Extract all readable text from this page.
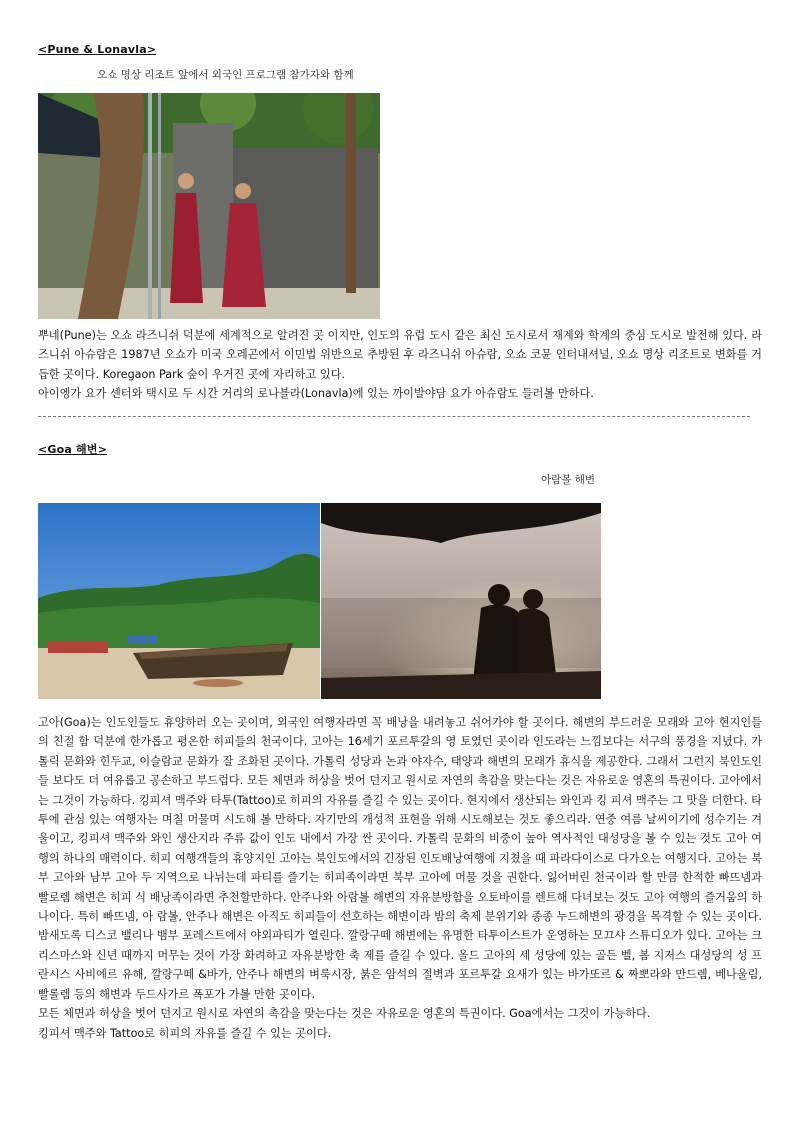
<Pune & Lonavla>
오쇼 명상 리조트 앞에서 외국인 프로그램 참가자와 함께

뿌네(Pune)는 오쇼 라즈니쉬 덕분에 세계적으로 알려진 곳 이지만, 인도의 유럽 도시 같은 최신 도시로서 재계와 학계의 중심 도시로 발전해 있다. 라즈니쉬 아슈람은 1987년 오쇼가 미국 오레곤에서 이민법 위반으로 추방된 후 라즈니쉬 아슈람, 오쇼 코뮨 인터내셔널, 오쇼 명상 리조트로 변화를 거듭한 곳이다. Koregaon Park 숲이 우거진 곳에 자리하고 있다.

아이엥가 요가 센터와 택시로 두 시간 거리의 로나블라(Lonavla)에 있는 까이발야담 요가 아슈람도 들러볼 만하다.

<Goa 해변>
아람볼 해변

고아(Goa)는 인도인들도 휴양하러 오는 곳이며, 외국인 여행자라면 꼭 배낭을 내려놓고 쉬어가야 할 곳이다. 해변의 부드러운 모래와 고아 현지인들의 친절 함 덕분에 한가롭고 평온한 히피들의 천국이다. 고아는 16세기 포르투갈의 영 토였던 곳이라 인도라는 느낌보다는 서구의 풍경을 지녔다. 가톨릭 문화와 힌두교, 이슬람교 문화가 잘 조화된 곳이다. 가톨릭 성당과 논과 야자수, 태양과 해변의 모래가 휴식을 제공한다. 그래서 그런지 북인도인들 보다도 더 여유롭고 공손하고 부드럽다. 모든 체면과 허상을 벗어 던지고 원시로 자연의 촉감을 맞는다는 것은 자유로운 영혼의 특권이다. 고아에서는 그것이 가능하다. 킹피셔 맥주와 타투(Tattoo)로 히피의 자유를 즐길 수 있는 곳이다. 현지에서 생산되는 와인과 킹 피셔 맥주는 그 맛을 더한다. 타투에 관심 있는 여행자는 며칠 머물며 시도해 볼 만하다. 자기만의 개성적 표현을 위해 시도해보는 것도 좋으리라. 연중 여름 날씨이기에 성수기는 겨울이고, 킹피셔 맥주와 와인 생산지라 주류 값이 인도 내에서 가장 싼 곳이다. 카톨릭 문화의 비중이 높아 역사적인 대성당을 볼 수 있는 것도 고아 여행의 하나의 매력이다. 히피 여행객들의 휴양지인 고아는 북인도에서의 긴장된 인도배낭여행에 지쳤을 때 파라다이스로 다가오는 여행지다. 고아는 북부 고아와 남부 고아 두 지역으로 나뉘는데 파티를 즐기는 히피족이라면 북부 고아에 머물 것을 권한다. 잃어버린 천국이라 할 만큼 한적한 빠뜨넴과 빨로렘 해변은 히피 식 배낭족이라면 추천할만하다. 안주나와 아람볼 해변의 자유분방함을 오토바이를 렌트해 다녀보는 것도 고아 여행의 즐거움의 하나이다. 특히 빠뜨넴, 아 람볼, 안주나 해변은 아직도 히피들이 선호하는 해변이라 밤의 축제 분위기와 종종 누드해변의 광경을 목격할 수 있는 곳이다. 밤새도록 디스코 밸리나 뱀부 포레스트에서 야외파티가 열린다. 깔랑구떼 해변에는 유명한 타투이스트가 운영하는 모끄샤 스튜디오가 있다. 고아는 크리스마스와 신년 때까지 머무는 것이 가장 화려하고 자유분방한 축 제를 즐길 수 있다. 올드 고아의 세 성당에 있는 골든 벨, 봄 지저스 대성당의 성 프란시스 사비에르 유해, 깔랑구떼 &바가, 안주나 해변의 벼룩시장, 붉은 암석의 절벽과 포르투갈 요새가 있는 바가또르 & 짜뽀라와 만드렘, 베나울림, 빨롤렘 등의 해변과 두드사가르 폭포가 가볼 만한 곳이다.

모든 체면과 허상을 벗어 던지고 원시로 자연의 촉감을 맞는다는 것은 자유로운 영혼의 특권이다. Goa에서는 그것이 가능하다.

킹피셔 맥주와 Tattoo로 히피의 자유를 즐길 수 있는 곳이다.
